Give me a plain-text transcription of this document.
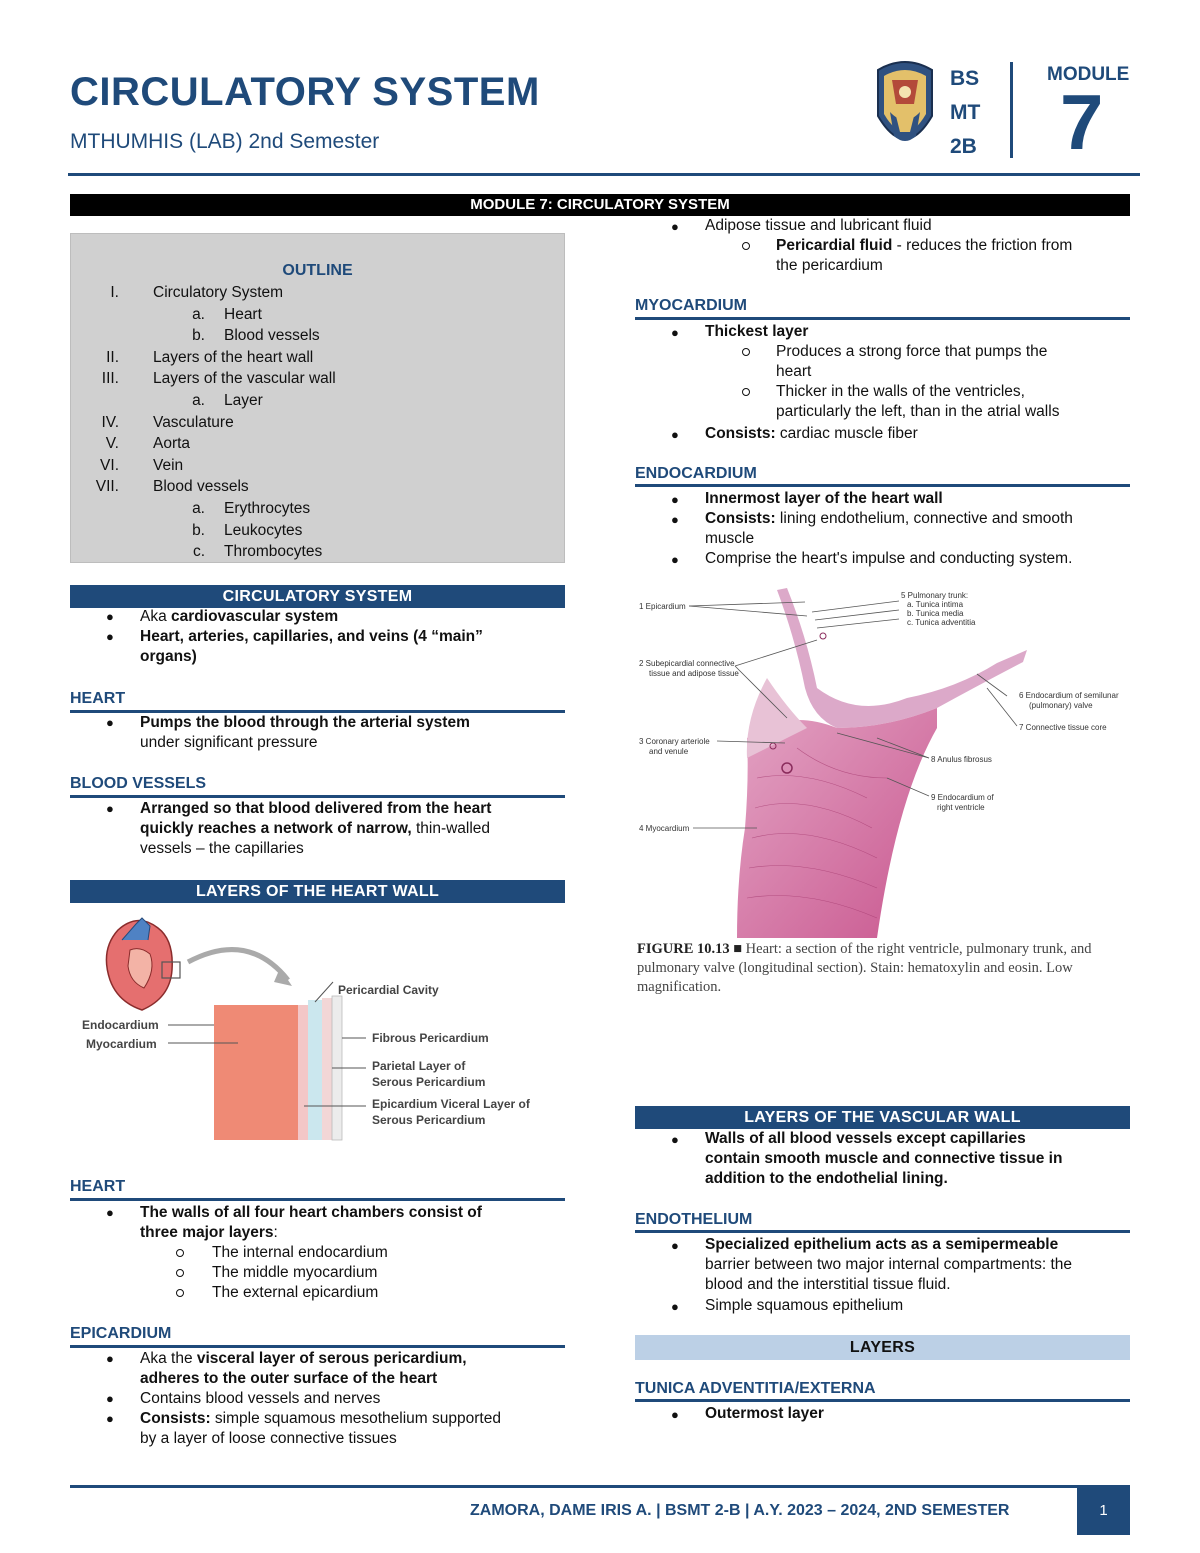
CIRCULATORY SYSTEM
MTHUMHIS (LAB) 2nd Semester
BS
MT
2B
MODULE
7
MODULE 7: CIRCULATORY SYSTEM
OUTLINE
I. Circulatory System
a. Heart
b. Blood vessels
II. Layers of the heart wall
III. Layers of the vascular wall
a. Layer
IV. Vasculature
V. Aorta
VI. Vein
VII. Blood vessels
a. Erythrocytes
b. Leukocytes
c. Thrombocytes
CIRCULATORY SYSTEM
● Aka cardiovascular system
● Heart, arteries, capillaries, and veins (4 “main”
organs)
HEART
● Pumps the blood through the arterial system
under significant pressure
BLOOD VESSELS
● Arranged so that blood delivered from the heart
quickly reaches a network of narrow, thin-walled
vessels – the capillaries
LAYERS OF THE HEART WALL
Endocardium
Myocardium
Pericardial Cavity
Fibrous Pericardium
Parietal Layer of
Serous Pericardium
Epicardium Viceral Layer of
Serous Pericardium
HEART
● The walls of all four heart chambers consist of
three major layers:
The internal endocardium
The middle myocardium
The external epicardium
EPICARDIUM
● Aka the visceral layer of serous pericardium,
adheres to the outer surface of the heart
● Contains blood vessels and nerves
● Consists: simple squamous mesothelium supported
by a layer of loose connective tissues
● Adipose tissue and lubricant fluid
Pericardial fluid - reduces the friction from
the pericardium
MYOCARDIUM
● Thickest layer
Produces a strong force that pumps the
heart
Thicker in the walls of the ventricles,
particularly the left, than in the atrial walls
● Consists: cardiac muscle fiber
ENDOCARDIUM
● Innermost layer of the heart wall
● Consists: lining endothelium, connective and smooth
muscle
● Comprise the heart's impulse and conducting system.
1 Epicardium
2 Subepicardial connective
tissue and adipose tissue
3 Coronary arteriole
and venule
4 Myocardium
5 Pulmonary trunk:
a. Tunica intima
b. Tunica media
c. Tunica adventitia
6 Endocardium of semilunar
(pulmonary) valve
7 Connective tissue core
8 Anulus fibrosus
9 Endocardium of
right ventricle
FIGURE 10.13 ■ Heart: a section of the right ventricle, pulmonary trunk, and
pulmonary valve (longitudinal section). Stain: hematoxylin and eosin. Low
magnification.
LAYERS OF THE VASCULAR WALL
● Walls of all blood vessels except capillaries
contain smooth muscle and connective tissue in
addition to the endothelial lining.
ENDOTHELIUM
● Specialized epithelium acts as a semipermeable
barrier between two major internal compartments: the
blood and the interstitial tissue fluid.
● Simple squamous epithelium
LAYERS
TUNICA ADVENTITIA/EXTERNA
● Outermost layer
ZAMORA, DAME IRIS A. | BSMT 2-B | A.Y. 2023 – 2024, 2ND SEMESTER	1
